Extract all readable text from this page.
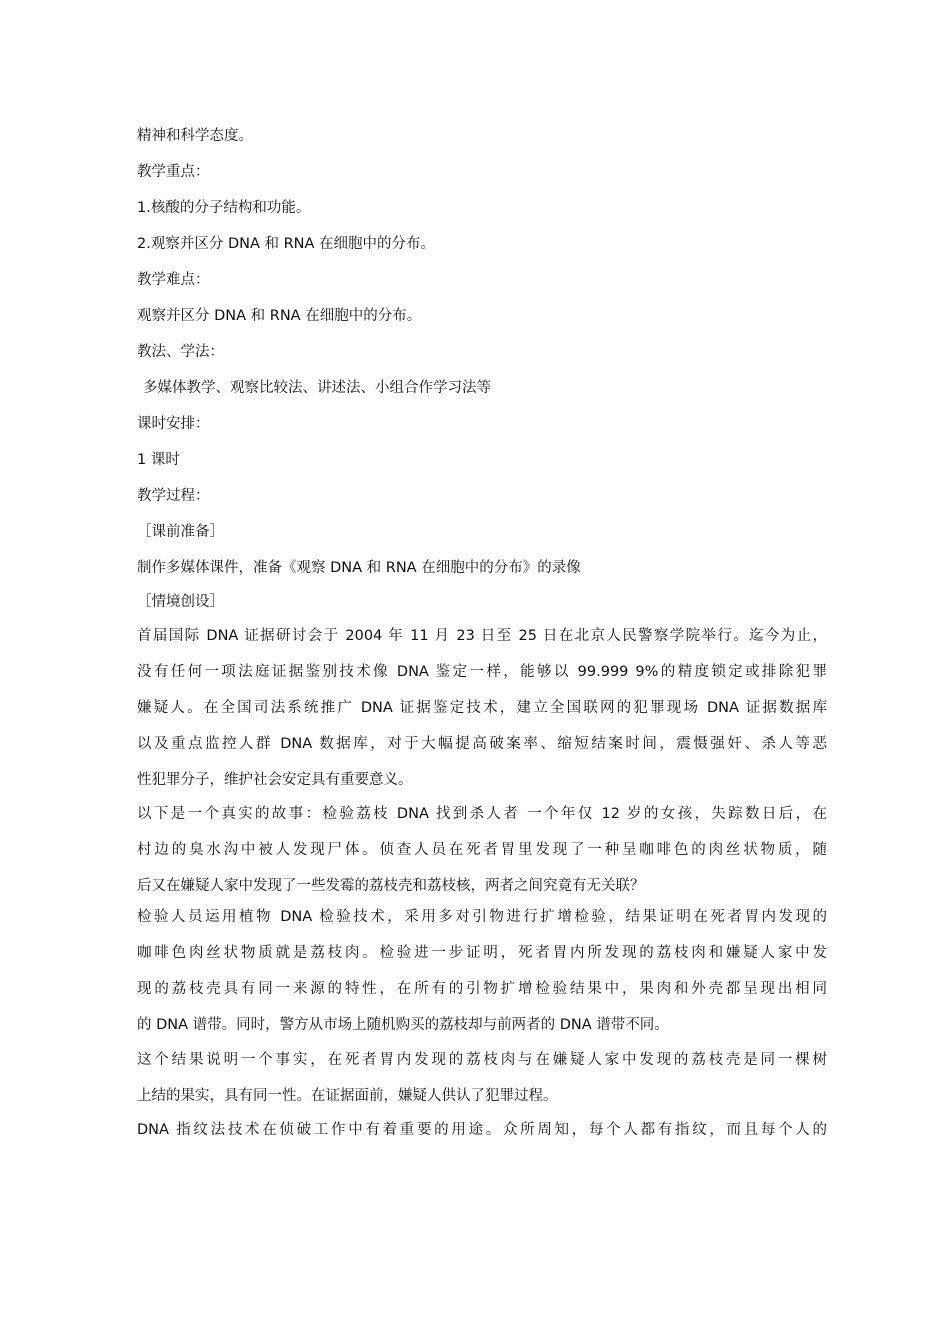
精神和科学态度。
教学重点：
1.核酸的分子结构和功能。
2.观察并区分 DNA 和 RNA 在细胞中的分布。
教学难点：
观察并区分 DNA 和 RNA 在细胞中的分布。
教法、学法：
多媒体教学、观察比较法、讲述法、小组合作学习法等
课时安排：
1 课时
教学过程：
［课前准备］
制作多媒体课件，准备《观察 DNA 和 RNA 在细胞中的分布》的录像
［情境创设］
首届国际 DNA 证据研讨会于 2004 年 11 月 23 日至 25 日在北京人民警察学院举行。迄今为止，
没有任何一项法庭证据鉴别技术像 DNA 鉴定一样，能够以 99.999 9%的精度锁定或排除犯罪
嫌疑人。在全国司法系统推广 DNA 证据鉴定技术，建立全国联网的犯罪现场 DNA 证据数据库
以及重点监控人群 DNA 数据库，对于大幅提高破案率、缩短结案时间，震慑强奸、杀人等恶
性犯罪分子，维护社会安定具有重要意义。
以下是一个真实的故事：检验荔枝 DNA 找到杀人者 一个年仅 12 岁的女孩，失踪数日后，在
村边的臭水沟中被人发现尸体。侦查人员在死者胃里发现了一种呈咖啡色的肉丝状物质，随
后又在嫌疑人家中发现了一些发霉的荔枝壳和荔枝核，两者之间究竟有无关联？
检验人员运用植物 DNA 检验技术，采用多对引物进行扩增检验，结果证明在死者胃内发现的
咖啡色肉丝状物质就是荔枝肉。检验进一步证明，死者胃内所发现的荔枝肉和嫌疑人家中发
现的荔枝壳具有同一来源的特性，在所有的引物扩增检验结果中，果肉和外壳都呈现出相同
的 DNA 谱带。同时，警方从市场上随机购买的荔枝却与前两者的 DNA 谱带不同。
这个结果说明一个事实，在死者胃内发现的荔枝肉与在嫌疑人家中发现的荔枝壳是同一棵树
上结的果实，具有同一性。在证据面前，嫌疑人供认了犯罪过程。
DNA 指纹法技术在侦破工作中有着重要的用途。众所周知，每个人都有指纹，而且每个人的
